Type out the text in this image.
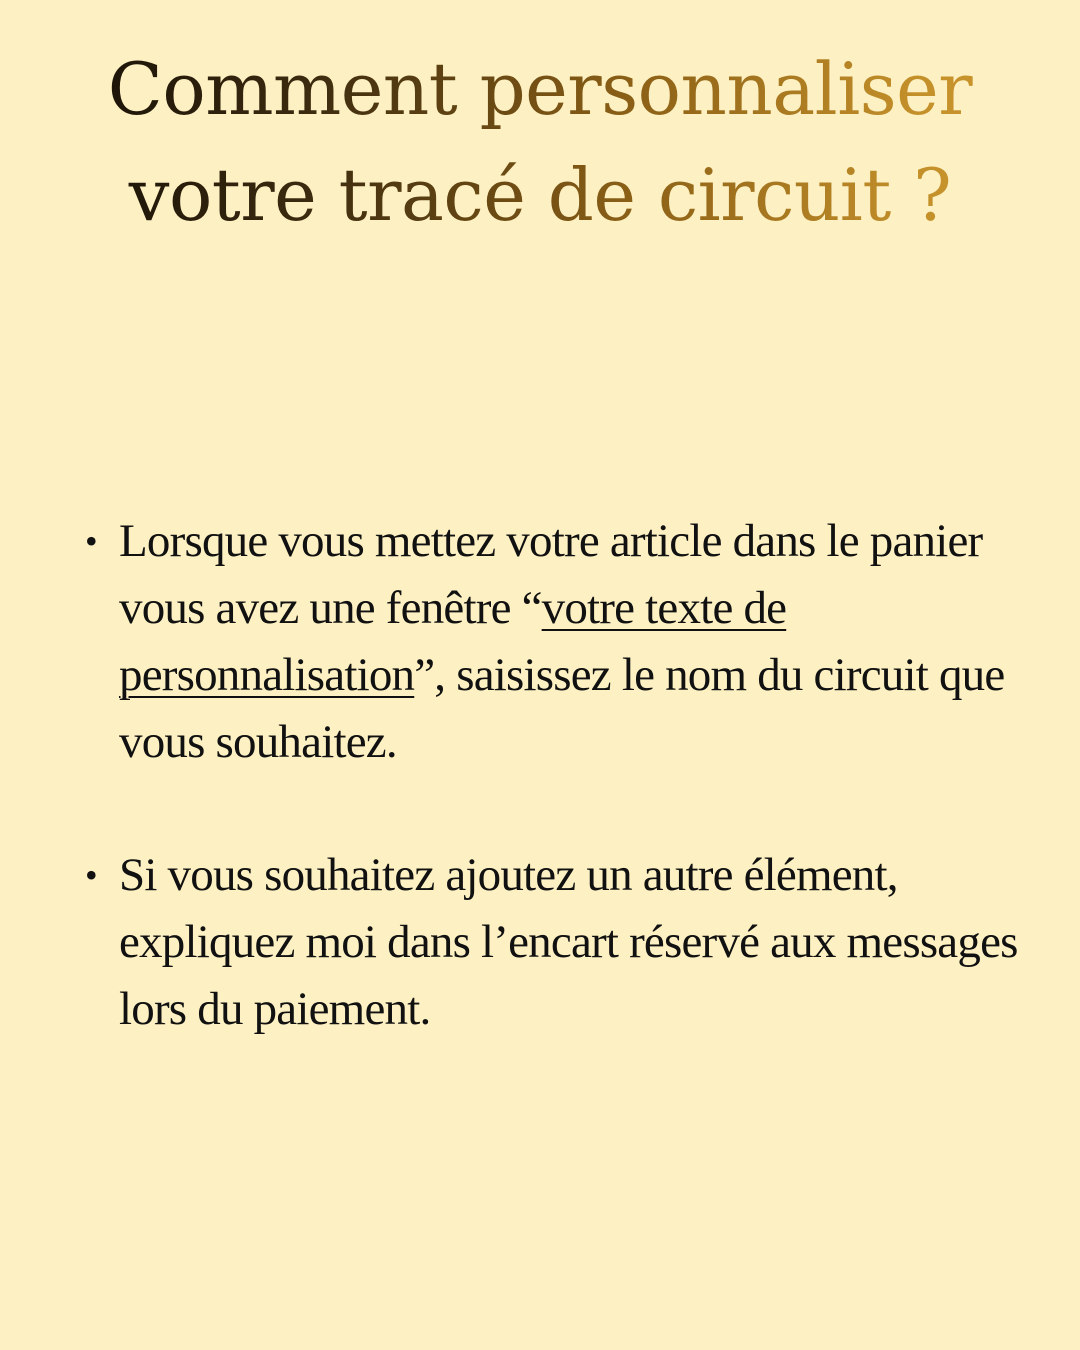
Comment personnaliser
votre tracé de circuit ?
• Lorsque vous mettez votre article dans le panier vous avez une fenêtre “votre texte de personnalisation”, saisissez le nom du circuit que vous souhaitez.
• Si vous souhaitez ajoutez un autre élément, expliquez moi dans l’encart réservé aux messages lors du paiement.
